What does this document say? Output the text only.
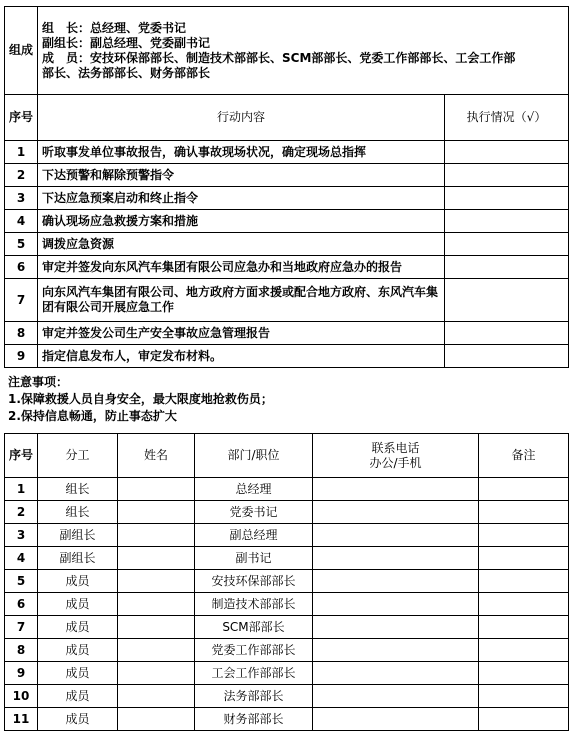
组成	
组　长：总经理、党委书记
副组长：副总经理、党委副书记
成　员：安技环保部部长、制造技术部部长、SCM部部长、党委工作部部长、工会工作部
部长、法务部部长、财务部部长
序号	行动内容	执行情况（√）
1	听取事发单位事故报告，确认事故现场状况，确定现场总指挥	
2	下达预警和解除预警指令	
3	下达应急预案启动和终止指令	
4	确认现场应急救援方案和措施	
5	调拨应急资源	
6	审定并签发向东风汽车集团有限公司应急办和当地政府应急办的报告	
7	向东风汽车集团有限公司、地方政府方面求援或配合地方政府、东风汽车集团有限公司开展应急工作	
8	审定并签发公司生产安全事故应急管理报告	
9	指定信息发布人，审定发布材料。	
注意事项：
1.保障救援人员自身安全，最大限度地抢救伤员；
2.保持信息畅通，防止事态扩大
序号	分工	姓名	部门/职位	联系电话
办公/手机	备注
1	组长		总经理		
2	组长		党委书记		
3	副组长		副总经理		
4	副组长		副书记		
5	成员		安技环保部部长		
6	成员		制造技术部部长		
7	成员		SCM部部长		
8	成员		党委工作部部长		
9	成员		工会工作部部长		
10	成员		法务部部长		
11	成员		财务部部长		
